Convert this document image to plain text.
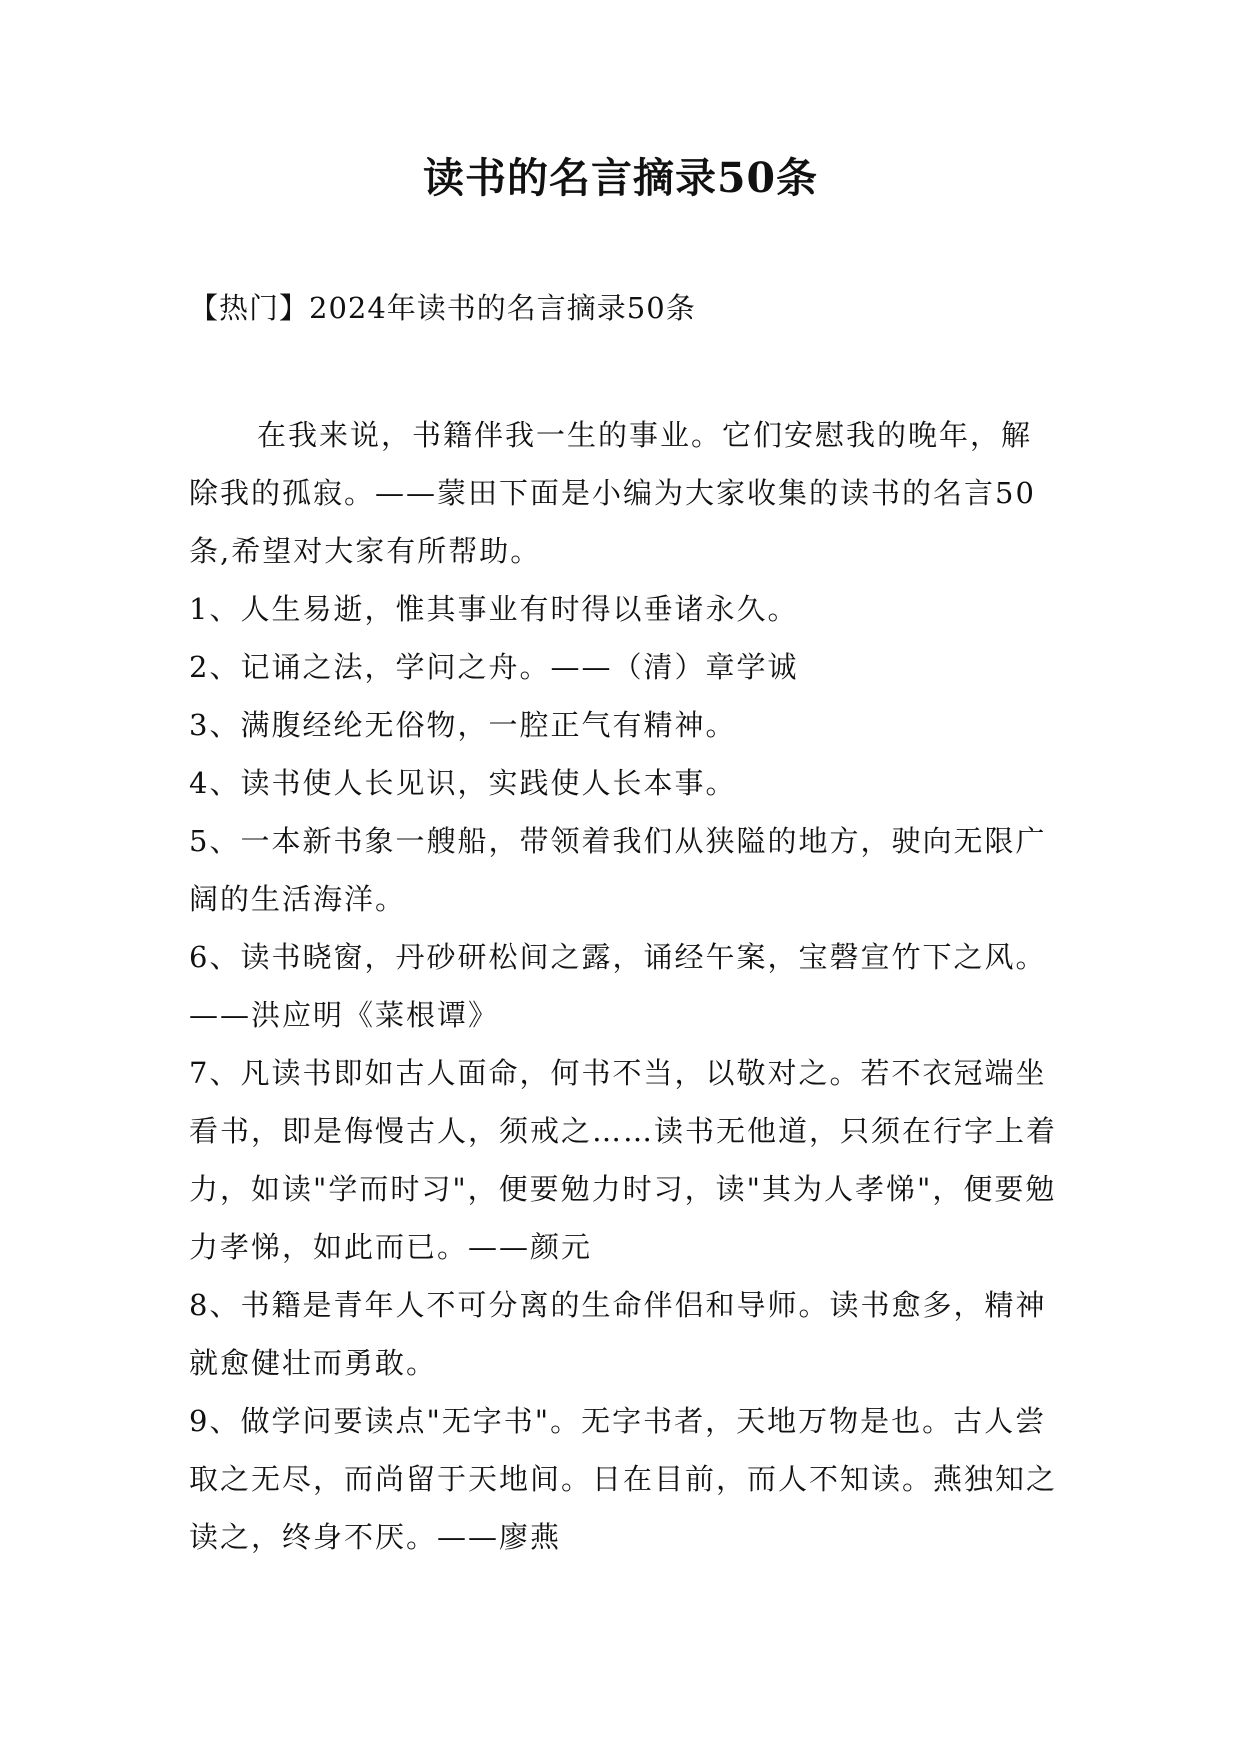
读书的名言摘录50条

【热门】2024年读书的名言摘录50条

在我来说，书籍伴我一生的事业。它们安慰我的晚年，解除我的孤寂。——蒙田下面是小编为大家收集的读书的名言50条,希望对大家有所帮助。

1、人生易逝，惟其事业有时得以垂诸永久。

2、记诵之法，学问之舟。——（清）章学诚

3、满腹经纶无俗物，一腔正气有精神。

4、读书使人长见识，实践使人长本事。

5、一本新书象一艘船，带领着我们从狭隘的地方，驶向无限广阔的生活海洋。

6、读书晓窗，丹砂研松间之露，诵经午案，宝磬宣竹下之风。——洪应明《菜根谭》

7、凡读书即如古人面命，何书不当，以敬对之。若不衣冠端坐看书，即是侮慢古人，须戒之……读书无他道，只须在行字上着力，如读"学而时习"，便要勉力时习，读"其为人孝悌"，便要勉力孝悌，如此而已。——颜元

8、书籍是青年人不可分离的生命伴侣和导师。读书愈多，精神就愈健壮而勇敢。

9、做学问要读点"无字书"。无字书者，天地万物是也。古人尝取之无尽，而尚留于天地间。日在目前，而人不知读。燕独知之读之，终身不厌。——廖燕
